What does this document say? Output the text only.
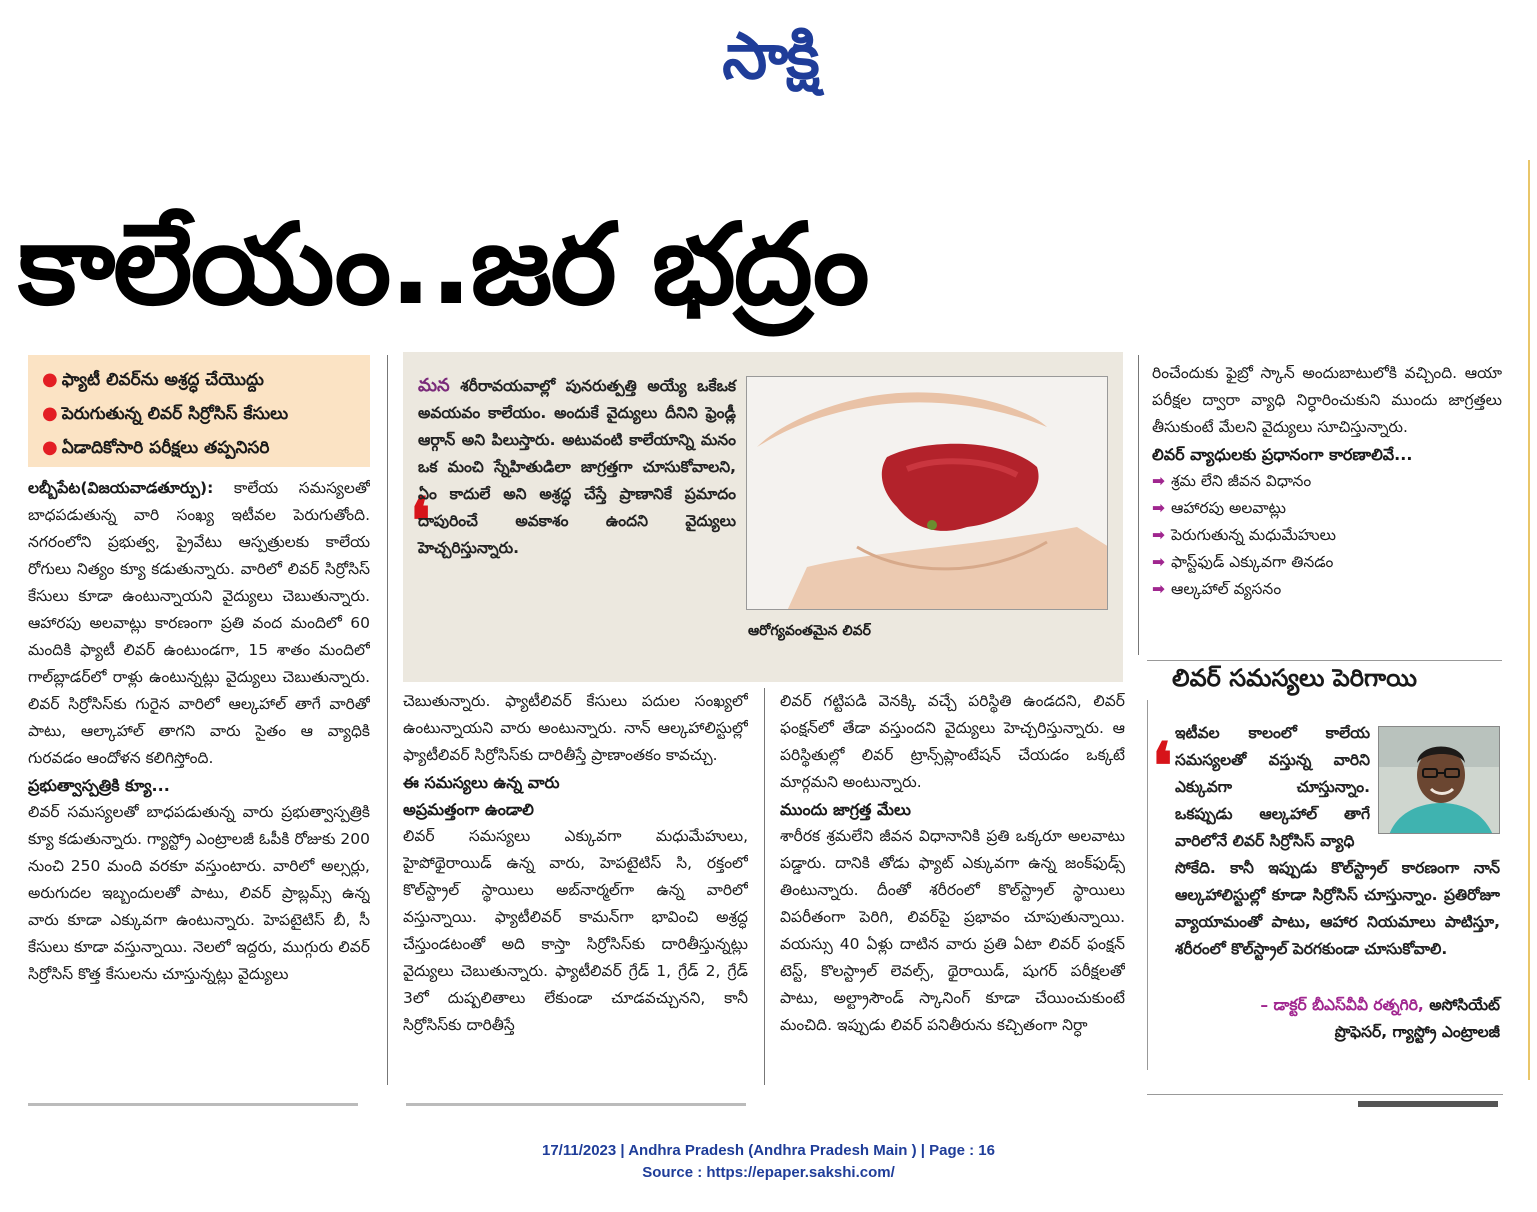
సాక్షి
కాలేయం..జర భద్రం
● ఫ్యాటీ లివర్‌ను అశ్రద్ధ చేయొద్దు
● పెరుగుతున్న లివర్ సిర్రోసిస్ కేసులు
● ఏడాదికోసారి పరీక్షలు తప్పనిసరి

లబ్బీపేట(విజయవాడతూర్పు): కాలేయ సమస్యలతో బాధపడుతున్న వారి సంఖ్య ఇటీవల పెరుగుతోంది. నగరంలోని ప్రభుత్వ, ప్రైవేటు ఆస్పత్రులకు కాలేయ రోగులు నిత్యం క్యూ కడుతున్నారు. వారిలో లివర్ సిర్రోసిస్ కేసులు కూడా ఉంటున్నాయని వైద్యులు చెబుతున్నారు. ఆహారపు అలవాట్లు కారణంగా ప్రతి వంద మందిలో 60 మందికి ఫ్యాటీ లివర్ ఉంటుండగా, 15 శాతం మందిలో గాల్‌బ్లాడర్‌లో రాళ్లు ఉంటున్నట్లు వైద్యులు చెబుతున్నారు. లివర్ సిర్రోసిస్‌కు గురైన వారిలో ఆల్కహాల్ తాగే వారితో పాటు, ఆల్కాహాల్ తాగని వారు సైతం ఆ వ్యాధికి గురవడం ఆందోళన కలిగిస్తోంది.

ప్రభుత్వాస్పత్రికి క్యూ...

లివర్ సమస్యలతో బాధపడుతున్న వారు ప్రభుత్వాస్పత్రికి క్యూ కడుతున్నారు. గ్యాస్ట్రో ఎంట్రాలజీ ఓపీకి రోజుకు 200 నుంచి 250 మంది వరకూ వస్తుంటారు. వారిలో అల్సర్లు, అరుగుదల ఇబ్బందులతో పాటు, లివర్ ప్రాబ్లమ్స్ ఉన్న వారు కూడా ఎక్కువగా ఉంటున్నారు. హెపటైటిస్ బీ, సీ కేసులు కూడా వస్తున్నాయి. నెలలో ఇద్దరు, ముగ్గురు లివర్ సిర్రోసిస్ కొత్త కేసులను చూస్తున్నట్లు వైద్యులు

❛
మన శరీరావయవాల్లో పునరుత్పత్తి అయ్యే ఒకేఒక అవయవం కాలేయం. అందుకే వైద్యులు దీనిని ఫ్రెండ్లీ ఆర్గాన్ అని పిలుస్తారు. అటువంటి కాలేయాన్ని మనం ఒక మంచి స్నేహితుడిలా జాగ్రత్తగా చూసుకోవాలని, ఏం కాదులే అని అశ్రద్ధ చేస్తే ప్రాణానికే ప్రమాదం దాపురించే అవకాశం ఉందని వైద్యులు హెచ్చరిస్తున్నారు.
ఆరోగ్యవంతమైన లివర్

చెబుతున్నారు. ఫ్యాటీలివర్ కేసులు పదుల సంఖ్యలో ఉంటున్నాయని వారు అంటున్నారు. నాన్ ఆల్కహాలిస్టుల్లో ఫ్యాటీలివర్ సిర్రోసిస్‌కు దారితీస్తే ప్రాణాంతకం కావచ్చు.

ఈ సమస్యలు ఉన్న వారు

అప్రమత్తంగా ఉండాలి

లివర్ సమస్యలు ఎక్కువగా మధుమేహులు, హైపోథైరాయిడ్ ఉన్న వారు, హెపటైటిస్ సి, రక్తంలో కొల్‌స్ట్రాల్ స్థాయిలు అబ్‌నార్మల్‌గా ఉన్న వారిలో వస్తున్నాయి. ఫ్యాటీలివర్ కామన్‌గా భావించి అశ్రద్ధ చేస్తుండటంతో అది కాస్తా సిర్రోసిస్‌కు దారితీస్తున్నట్లు వైద్యులు చెబుతున్నారు. ఫ్యాటీలివర్ గ్రేడ్ 1, గ్రేడ్ 2, గ్రేడ్ 3లో దుష్పలితాలు లేకుండా చూడవచ్చునని, కానీ సిర్రోసిస్‌కు దారితీస్తే

లివర్ గట్టిపడి వెనక్కి వచ్చే పరిస్థితి ఉండదని, లివర్ ఫంక్షన్‌లో తేడా వస్తుందని వైద్యులు హెచ్చరిస్తున్నారు. ఆ పరిస్థితుల్లో లివర్ ట్రాన్స్‌ప్లాంటేషన్ చేయడం ఒక్కటే మార్గమని అంటున్నారు.

ముందు జాగ్రత్త మేలు

శారీరక శ్రమలేని జీవన విధానానికి ప్రతి ఒక్కరూ అలవాటు పడ్డారు. దానికి తోడు ఫ్యాట్ ఎక్కువగా ఉన్న జంక్‌ఫుడ్స్ తింటున్నారు. దీంతో శరీరంలో కొల్‌స్ట్రాల్ స్థాయిలు విపరీతంగా పెరిగి, లివర్‌పై ప్రభావం చూపుతున్నాయి. వయస్సు 40 ఏళ్లు దాటిన వారు ప్రతి ఏటా లివర్ ఫంక్షన్ టెస్ట్, కొలస్ట్రాల్ లెవల్స్, థైరాయిడ్, షుగర్ పరీక్షలతో పాటు, అల్ట్రాసౌండ్ స్కానింగ్ కూడా చేయించుకుంటే మంచిది. ఇప్పుడు లివర్ పనితీరును కచ్చితంగా నిర్ధా

రించేందుకు ఫైబ్రో స్కాన్ అందుబాటులోకి వచ్చింది. ఆయా పరీక్షల ద్వారా వ్యాధి నిర్ధారించుకుని ముందు జాగ్రత్తలు తీసుకుంటే మేలని వైద్యులు సూచిస్తున్నారు.

లివర్ వ్యాధులకు ప్రధానంగా కారణాలివే...

➡ శ్రమ లేని జీవన విధానం
➡ ఆహారపు అలవాట్లు
➡ పెరుగుతున్న మధుమేహులు
➡ ఫాస్ట్‌ఫుడ్ ఎక్కువగా తినడం
➡ ఆల్కహాల్ వ్యసనం
లివర్ సమస్యలు పెరిగాయి
❛ ఇటీవల కాలంలో కాలేయ సమస్యలతో వస్తున్న వారిని ఎక్కువగా చూస్తున్నాం. ఒకప్పుడు ఆల్కహాల్ తాగే వారిలోనే లివర్ సిర్రోసిస్ వ్యాధి
సోకేది. కానీ ఇప్పుడు కొల్‌స్ట్రాల్ కారణంగా నాన్ ఆల్కహాలిస్టుల్లో కూడా సిర్రోసిస్ చూస్తున్నాం. ప్రతిరోజూ వ్యాయామంతో పాటు, ఆహార నియమాలు పాటిస్తూ, శరీరంలో కొల్‌స్ట్రాల్ పెరగకుండా చూసుకోవాలి.
– డాక్టర్ బీఎస్‌వీవీ రత్నగిరి, అసోసియేట్
ప్రొఫెసర్, గ్యాస్ట్రో ఎంట్రాలజీ
17/11/2023 | Andhra Pradesh (Andhra Pradesh Main ) | Page : 16
Source : https://epaper.sakshi.com/
